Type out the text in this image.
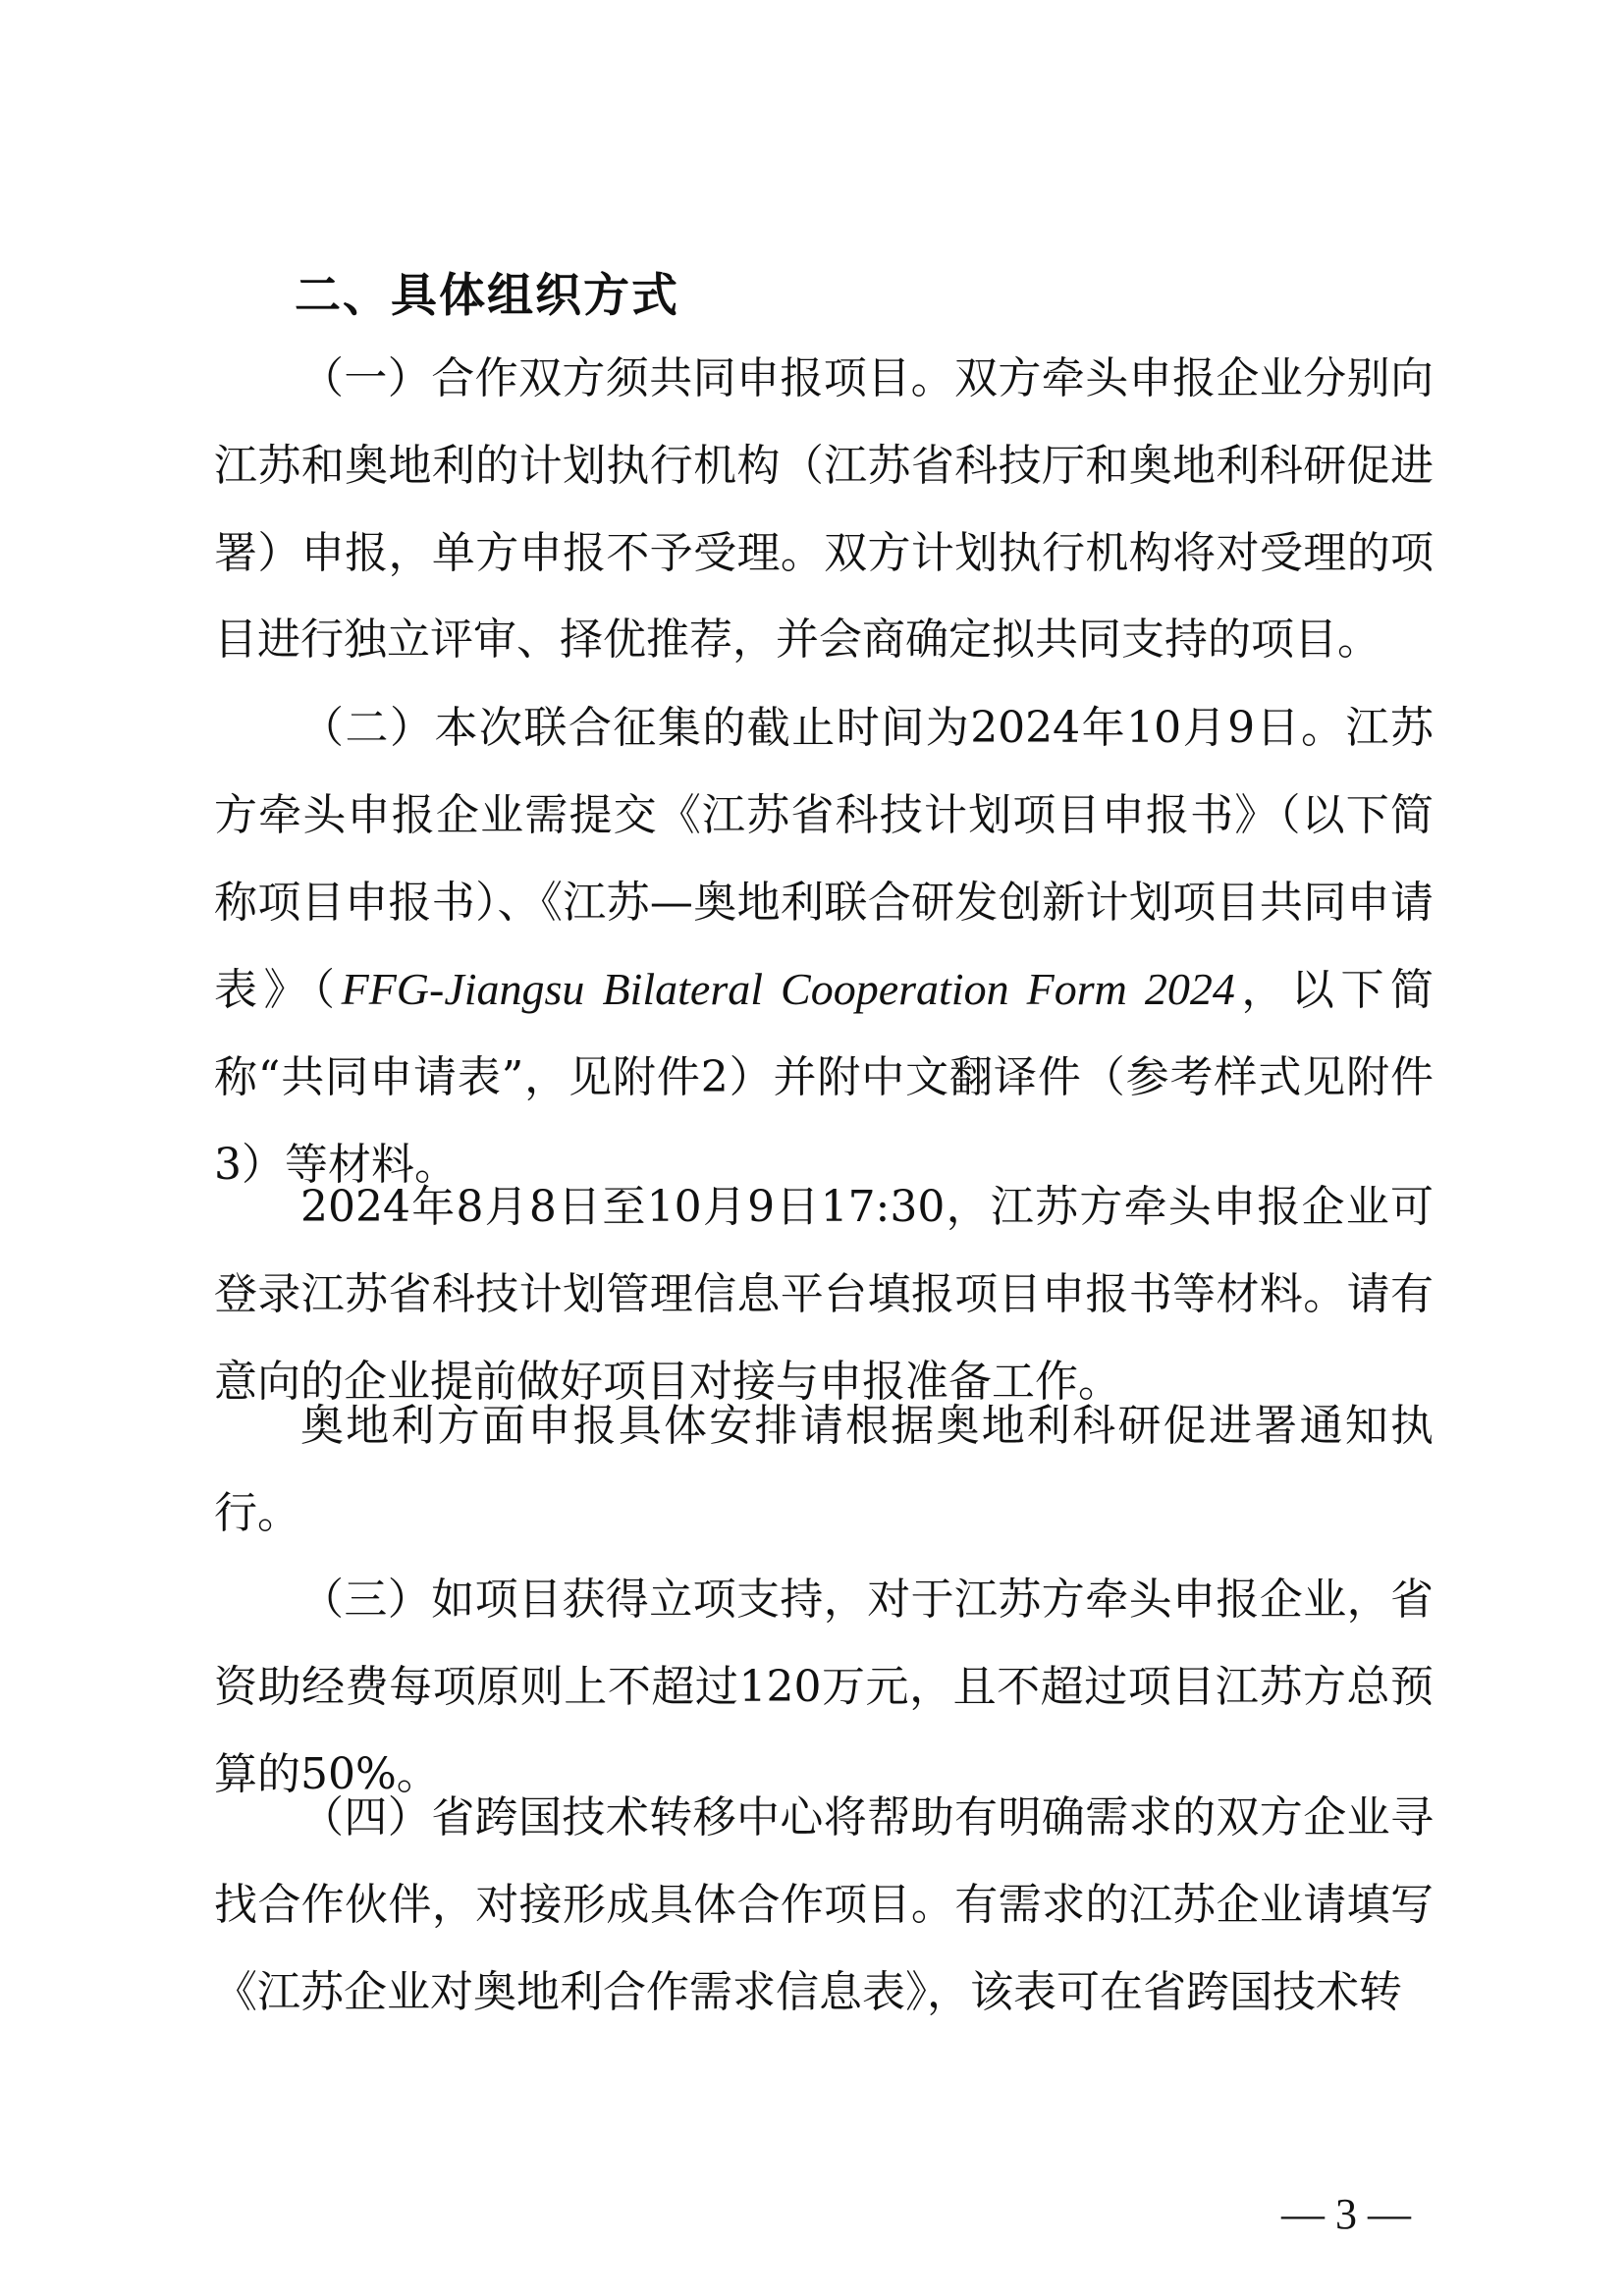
二、具体组织方式

（一）合作双方须共同申报项目。双方牵头申报企业分别向江苏和奥地利的计划执行机构（江苏省科技厅和奥地利科研促进署）申报，单方申报不予受理。双方计划执行机构将对受理的项目进行独立评审、择优推荐，并会商确定拟共同支持的项目。

（二）本次联合征集的截止时间为2024年10月9日。江苏方牵头申报企业需提交《江苏省科技计划项目申报书》（以下简称项目申报书）、《江苏—奥地利联合研发创新计划项目共同申请表》（FFG-Jiangsu Bilateral Cooperation Form 2024，以下简称“共同申请表”，见附件2）并附中文翻译件（参考样式见附件3）等材料。

2024年8月8日至10月9日17:30，江苏方牵头申报企业可登录江苏省科技计划管理信息平台填报项目申报书等材料。请有意向的企业提前做好项目对接与申报准备工作。

奥地利方面申报具体安排请根据奥地利科研促进署通知执行。

（三）如项目获得立项支持，对于江苏方牵头申报企业，省资助经费每项原则上不超过120万元，且不超过项目江苏方总预算的50%。

（四）省跨国技术转移中心将帮助有明确需求的双方企业寻找合作伙伴，对接形成具体合作项目。有需求的江苏企业请填写《江苏企业对奥地利合作需求信息表》，该表可在省跨国技术转

— 3 —
